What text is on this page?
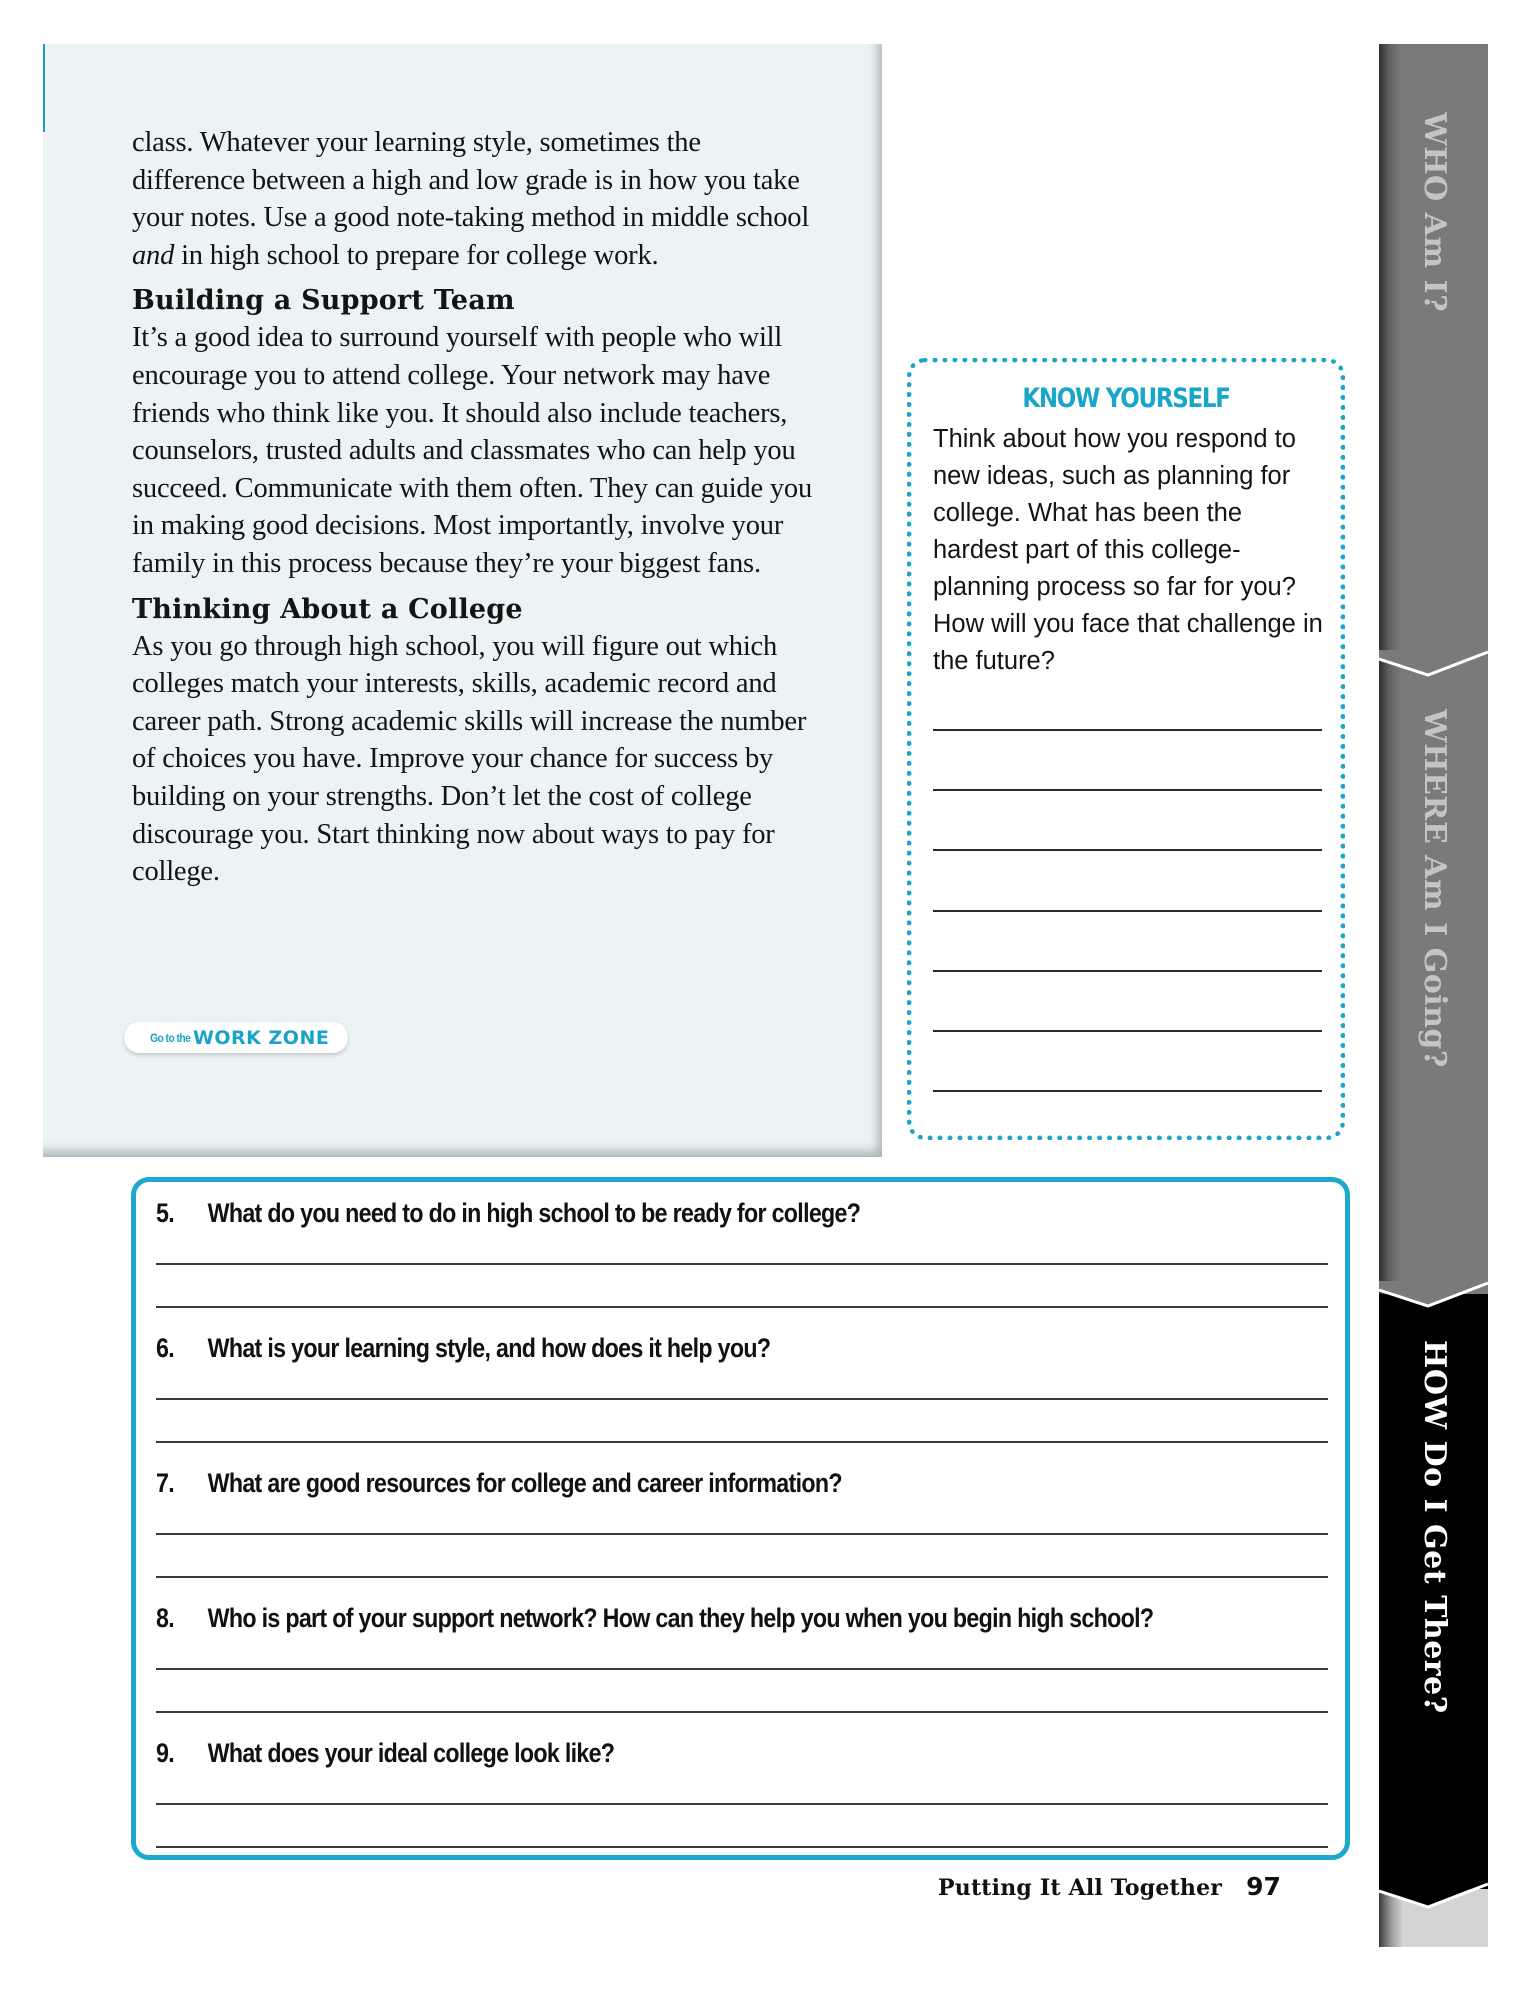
class. Whatever your learning style, sometimes the difference between a high and low grade is in how you take your notes. Use a good note-taking method in middle school and in high school to prepare for college work.

Building a Support Team

It’s a good idea to surround yourself with people who will encourage you to attend college. Your network may have friends who think like you. It should also include teachers, counselors, trusted adults and classmates who can help you succeed. Communicate with them often. They can guide you in making good decisions. Most importantly, involve your family in this process because they’re your biggest fans.

Thinking About a College

As you go through high school, you will figure out which colleges match your interests, skills, academic record and career path. Strong academic skills will increase the number of choices you have. Improve your chance for success by building on your strengths. Don’t let the cost of college discourage you. Start thinking now about ways to pay for college.

Go to the WORK ZONE
KNOW YOURSELF
Think about how you respond to new ideas, such as planning for college. What has been the hardest part of this college-planning process so far for you? How will you face that challenge in the future?
5. What do you need to do in high school to be ready for college?
6. What is your learning style, and how does it help you?
7. What are good resources for college and career information?
8. Who is part of your support network? How can they help you when you begin high school?
9. What does your ideal college look like?
Putting It All Together 97
WHO Am I?
WHERE Am I Going?
HOW Do I Get There?
